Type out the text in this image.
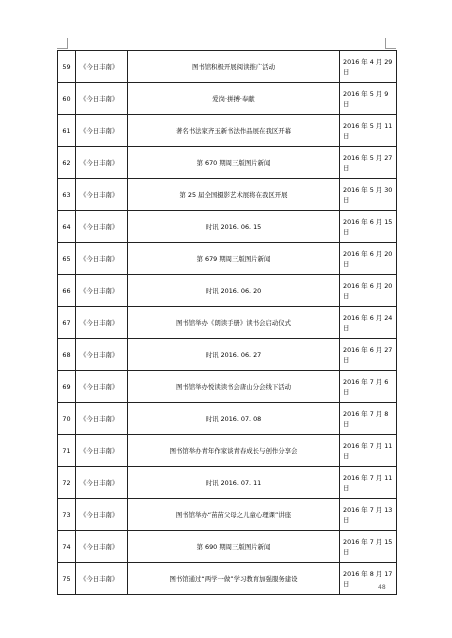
59	《今日丰南》	图书馆积极开展阅读推广活动	2016 年 4 月 29 日
60	《今日丰南》	爱岗·拼搏·奉献	2016 年 5 月 9 日
61	《今日丰南》	著名书法家齐玉新书法作品展在我区开幕	2016 年 5 月 11 日
62	《今日丰南》	第 670 期周三版图片新闻	2016 年 5 月 27 日
63	《今日丰南》	第 25 届全国摄影艺术展将在我区开展	2016 年 5 月 30 日
64	《今日丰南》	时讯 2016. 06. 15	2016 年 6 月 15 日
65	《今日丰南》	第 679 期周三版图片新闻	2016 年 6 月 20 日
66	《今日丰南》	时讯 2016. 06. 20	2016 年 6 月 20 日
67	《今日丰南》	图书馆举办《朗读手册》读书会启动仪式	2016 年 6 月 24 日
68	《今日丰南》	时讯 2016. 06. 27	2016 年 6 月 27 日
69	《今日丰南》	图书馆举办悦读读书会唐山分会线下活动	2016 年 7 月 6 日
70	《今日丰南》	时讯 2016. 07. 08	2016 年 7 月 8 日
71	《今日丰南》	图书馆举办青年作家谈青春成长与创作分享会	2016 年 7 月 11 日
72	《今日丰南》	时讯 2016. 07. 11	2016 年 7 月 11 日
73	《今日丰南》	图书馆举办“苗苗父母之儿童心理课”讲座	2016 年 7 月 13 日
74	《今日丰南》	第 690 期周三版图片新闻	2016 年 7 月 15 日
75	《今日丰南》	图书馆通过“两学一做”学习教育加强服务建设	2016 年 8 月 17 日	48
